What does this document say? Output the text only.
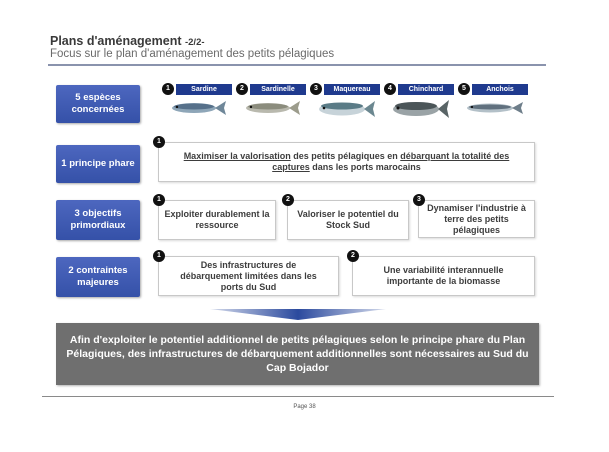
Plans d'aménagement -2/2-
Focus sur le plan d'aménagement des petits pélagiques
5 espèces concernées
1	Sardine	2	Sardinelle	3	Maquereau	4	Chinchard	5	Anchois
1 principe phare
1
Maximiser la valorisation des petits pélagiques en débarquant la totalité des captures dans les ports marocains
3 objectifs primordiaux
1
Exploiter durablement la ressource
2
Valoriser le potentiel du Stock Sud
3
Dynamiser l'industrie à terre des petits pélagiques
2 contraintes majeures
1
Des infrastructures de débarquement limitées dans les ports du Sud
2
Une variabilité interannuelle importante de la biomasse
Afin d'exploiter le potentiel additionnel de petits pélagiques selon le principe phare du Plan Pélagiques, des infrastructures de débarquement additionnelles sont nécessaires au Sud du Cap Bojador
Page 38
